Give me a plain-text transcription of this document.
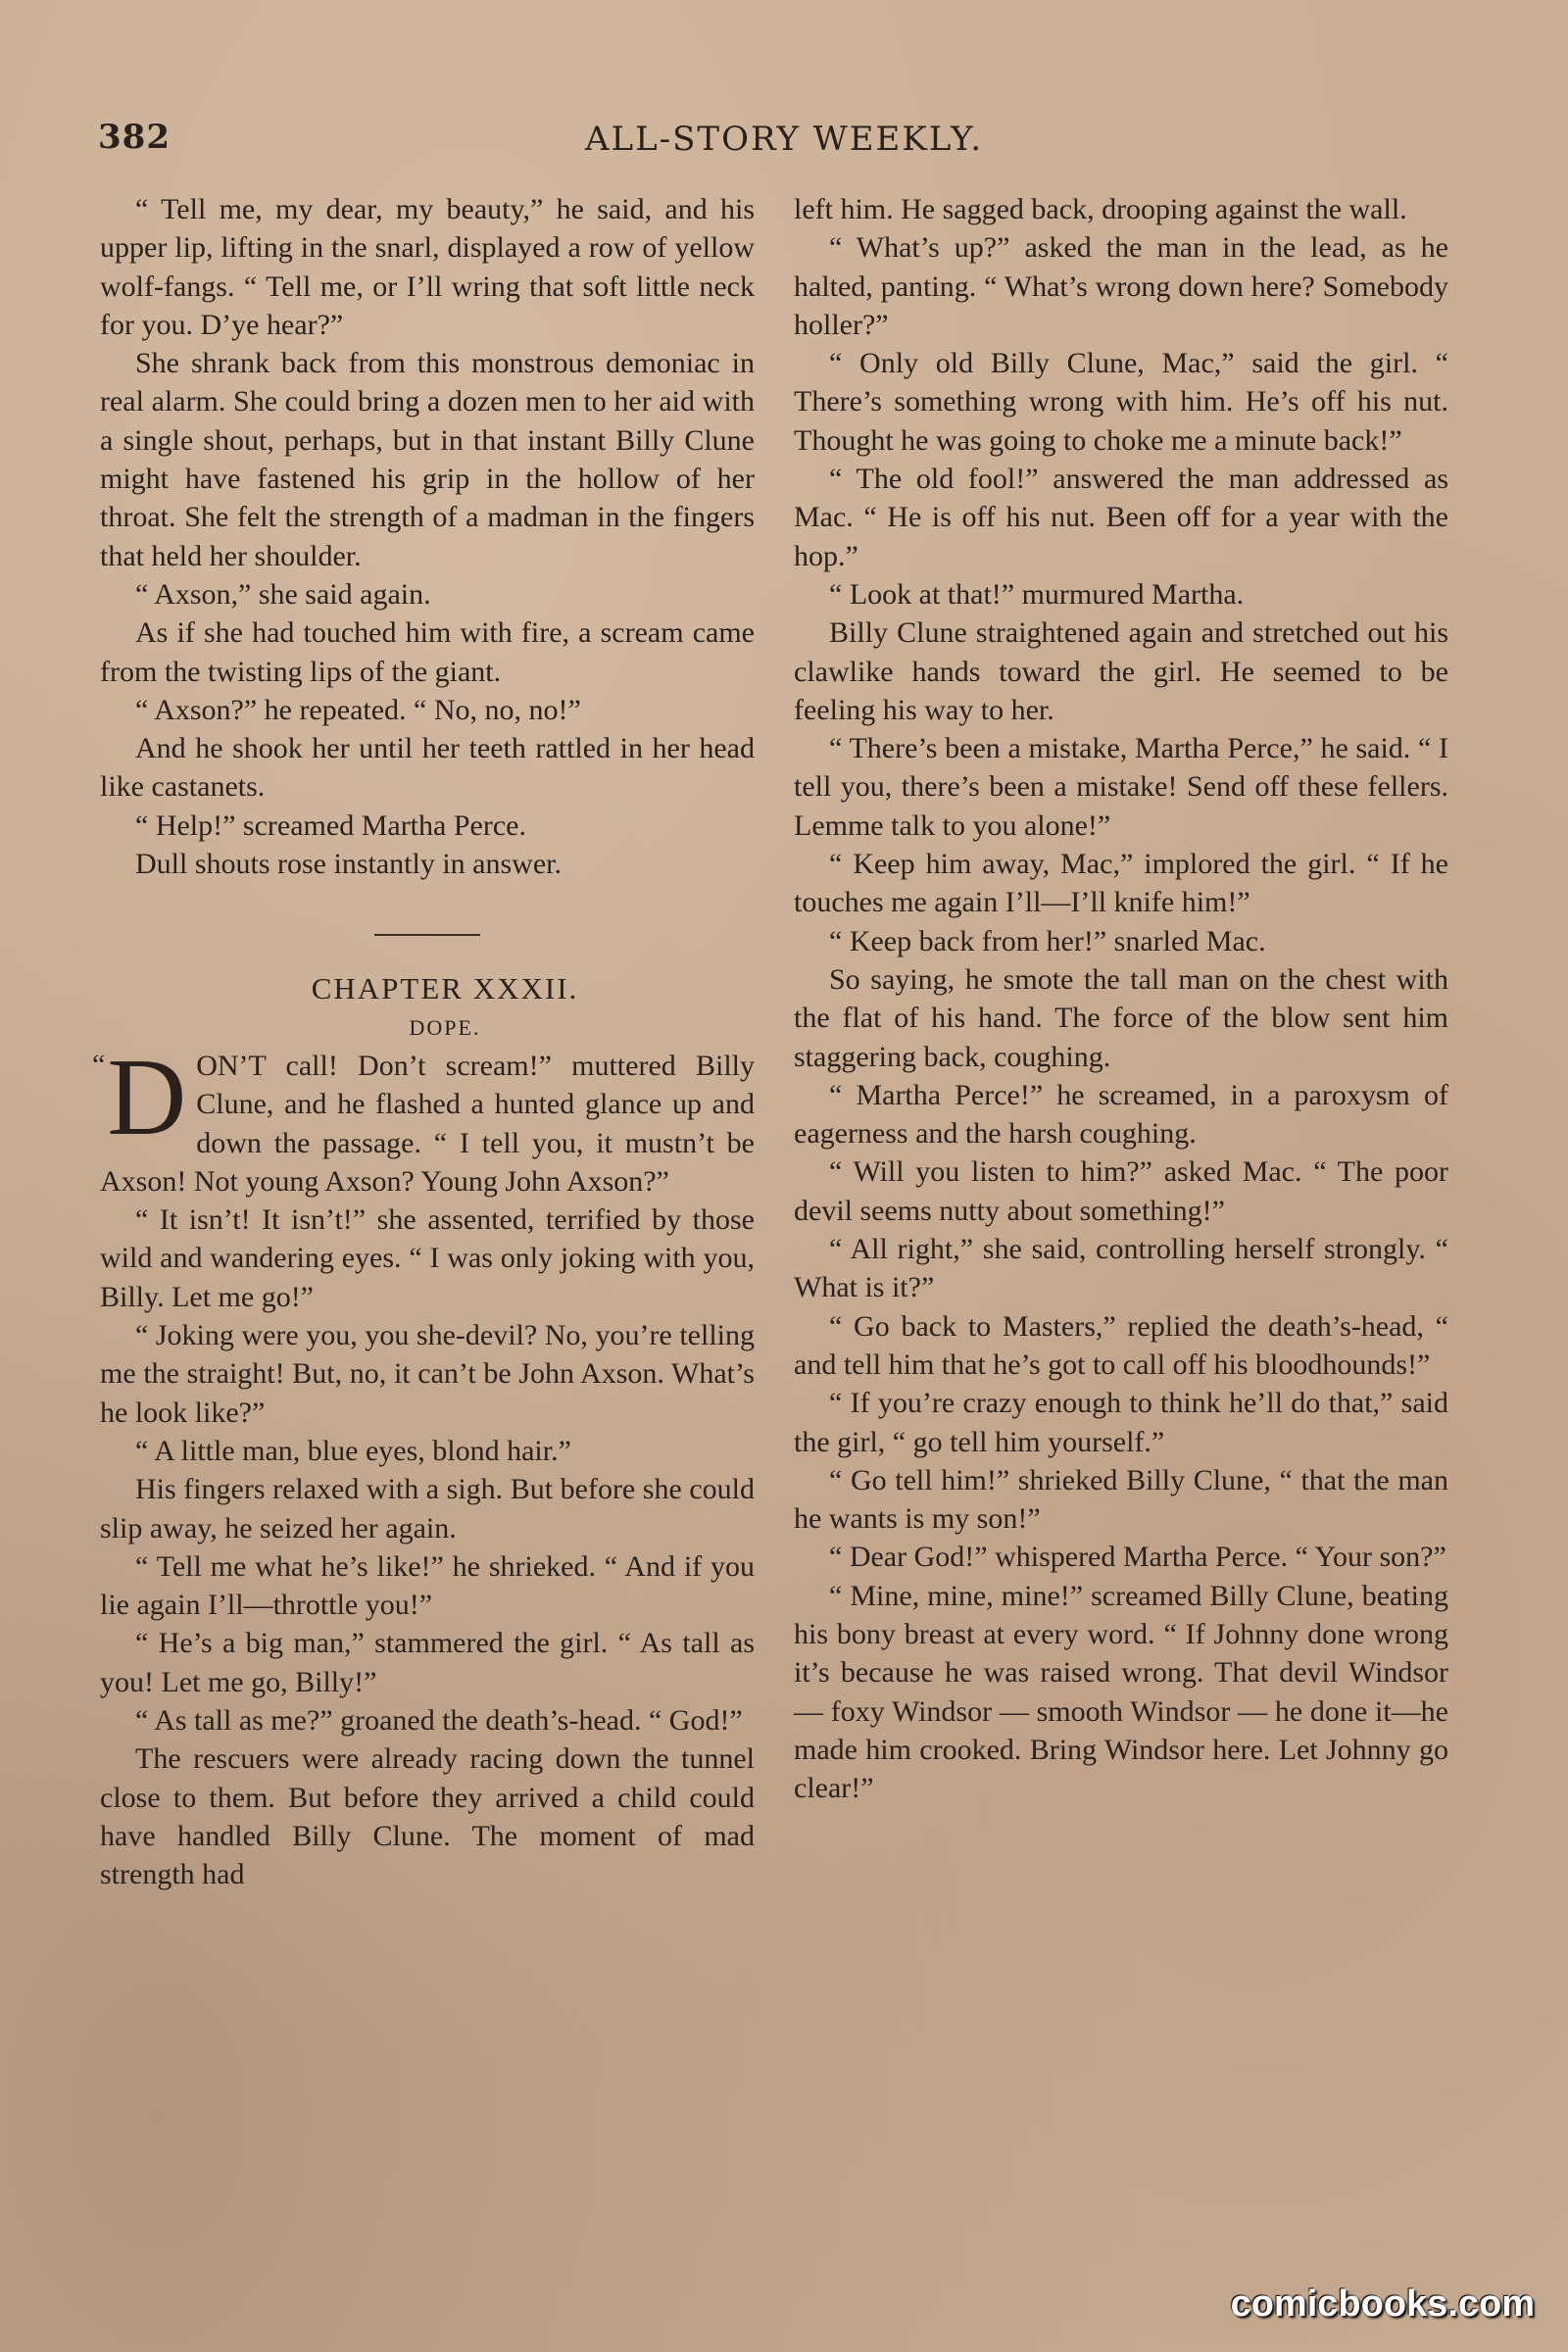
382	ALL-STORY WEEKLY.

“ Tell me, my dear, my beauty,” he said, and his upper lip, lifting in the snarl, displayed a row of yellow wolf-fangs. “ Tell me, or I’ll wring that soft little neck for you. D’ye hear?”

She shrank back from this monstrous demoniac in real alarm. She could bring a dozen men to her aid with a single shout, perhaps, but in that instant Billy Clune might have fastened his grip in the hollow of her throat. She felt the strength of a madman in the fingers that held her shoulder.

“ Axson,” she said again.

As if she had touched him with fire, a scream came from the twisting lips of the giant.

“ Axson?” he repeated. “ No, no, no!”

And he shook her until her teeth rattled in her head like castanets.

“ Help!” screamed Martha Perce.

Dull shouts rose instantly in answer.

CHAPTER XXXII.

DOPE.

“ D ON’T call! Don’t scream!” muttered Billy Clune, and he flashed a hunted glance up and down the passage. “ I tell you, it mustn’t be Axson! Not young Axson? Young John Axson?”

“ It isn’t! It isn’t!” she assented, terrified by those wild and wandering eyes. “ I was only joking with you, Billy. Let me go!”

“ Joking were you, you she-devil? No, you’re telling me the straight! But, no, it can’t be John Axson. What’s he look like?”

“ A little man, blue eyes, blond hair.”

His fingers relaxed with a sigh. But before she could slip away, he seized her again.

“ Tell me what he’s like!” he shrieked. “ And if you lie again I’ll—throttle you!”

“ He’s a big man,” stammered the girl. “ As tall as you! Let me go, Billy!”

“ As tall as me?” groaned the death’s-head. “ God!”

The rescuers were already racing down the tunnel close to them. But before they arrived a child could have handled Billy Clune. The moment of mad strength had

left him. He sagged back, drooping against the wall.

“ What’s up?” asked the man in the lead, as he halted, panting. “ What’s wrong down here? Somebody holler?”

“ Only old Billy Clune, Mac,” said the girl. “ There’s something wrong with him. He’s off his nut. Thought he was going to choke me a minute back!”

“ The old fool!” answered the man addressed as Mac. “ He is off his nut. Been off for a year with the hop.”

“ Look at that!” murmured Martha.

Billy Clune straightened again and stretched out his clawlike hands toward the girl. He seemed to be feeling his way to her.

“ There’s been a mistake, Martha Perce,” he said. “ I tell you, there’s been a mistake! Send off these fellers. Lemme talk to you alone!”

“ Keep him away, Mac,” implored the girl. “ If he touches me again I’ll—I’ll knife him!”

“ Keep back from her!” snarled Mac.

So saying, he smote the tall man on the chest with the flat of his hand. The force of the blow sent him staggering back, coughing.

“ Martha Perce!” he screamed, in a paroxysm of eagerness and the harsh coughing.

“ Will you listen to him?” asked Mac. “ The poor devil seems nutty about something!”

“ All right,” she said, controlling herself strongly. “ What is it?”

“ Go back to Masters,” replied the death’s-head, “ and tell him that he’s got to call off his bloodhounds!”

“ If you’re crazy enough to think he’ll do that,” said the girl, “ go tell him yourself.”

“ Go tell him!” shrieked Billy Clune, “ that the man he wants is my son!”

“ Dear God!” whispered Martha Perce. “ Your son?”

“ Mine, mine, mine!” screamed Billy Clune, beating his bony breast at every word. “ If Johnny done wrong it’s because he was raised wrong. That devil Windsor — foxy Windsor — smooth Windsor — he done it—he made him crooked. Bring Windsor here. Let Johnny go clear!”

comicbooks.com
